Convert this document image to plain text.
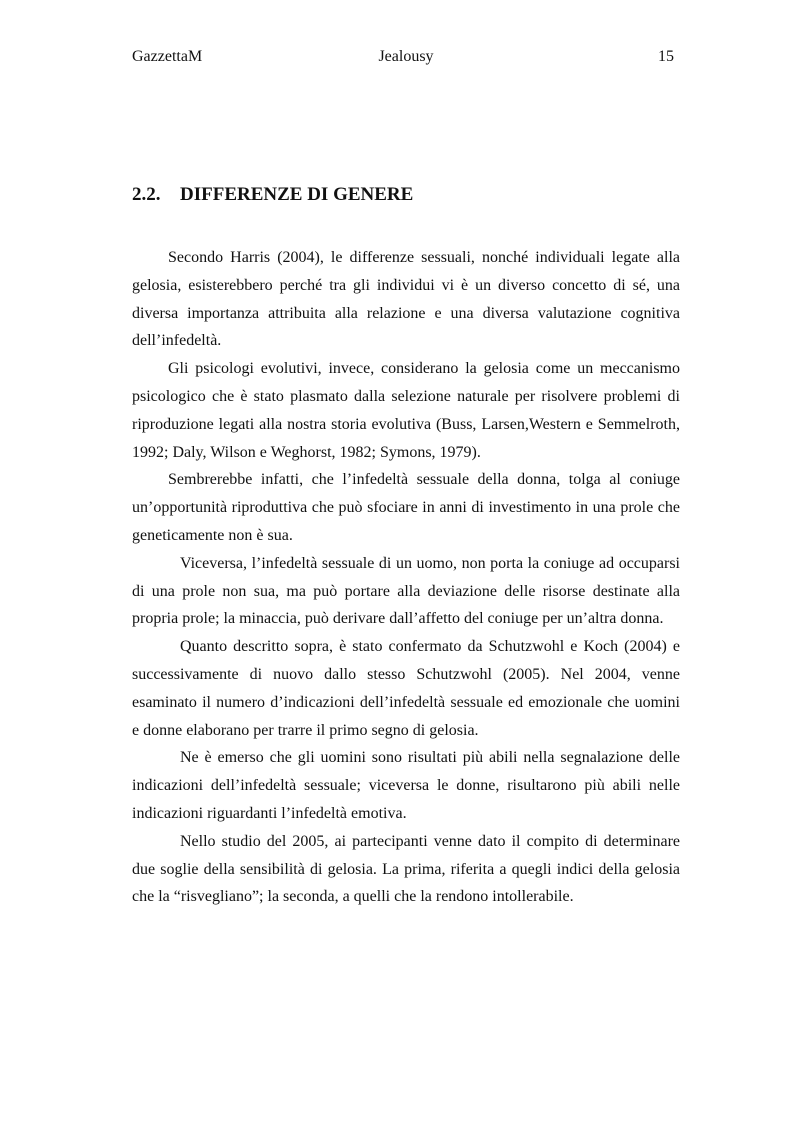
GazzettaM	Jealousy	15
2.2. DIFFERENZE DI GENERE

Secondo Harris (2004), le differenze sessuali, nonché individuali legate alla gelosia, esisterebbero perché tra gli individui vi è un diverso concetto di sé, una diversa importanza attribuita alla relazione e una diversa valutazione cognitiva dell’infedeltà.

Gli psicologi evolutivi, invece, considerano la gelosia come un meccanismo psicologico che è stato plasmato dalla selezione naturale per risolvere problemi di riproduzione legati alla nostra storia evolutiva (Buss, Larsen,Western e Semmelroth, 1992; Daly, Wilson e Weghorst, 1982; Symons, 1979).

Sembrerebbe infatti, che l’infedeltà sessuale della donna, tolga al coniuge un’opportunità riproduttiva che può sfociare in anni di investimento in una prole che geneticamente non è sua.

Viceversa, l’infedeltà sessuale di un uomo, non porta la coniuge ad occuparsi di una prole non sua, ma può portare alla deviazione delle risorse destinate alla propria prole; la minaccia, può derivare dall’affetto del coniuge per un’altra donna.

Quanto descritto sopra, è stato confermato da Schutzwohl e Koch (2004) e successivamente di nuovo dallo stesso Schutzwohl (2005). Nel 2004, venne esaminato il numero d’indicazioni dell’infedeltà sessuale ed emozionale che uomini e donne elaborano per trarre il primo segno di gelosia.

Ne è emerso che gli uomini sono risultati più abili nella segnalazione delle indicazioni dell’infedeltà sessuale; viceversa le donne, risultarono più abili nelle indicazioni riguardanti l’infedeltà emotiva.

Nello studio del 2005, ai partecipanti venne dato il compito di determinare due soglie della sensibilità di gelosia. La prima, riferita a quegli indici della gelosia che la “risvegliano”; la seconda, a quelli che la rendono intollerabile.
